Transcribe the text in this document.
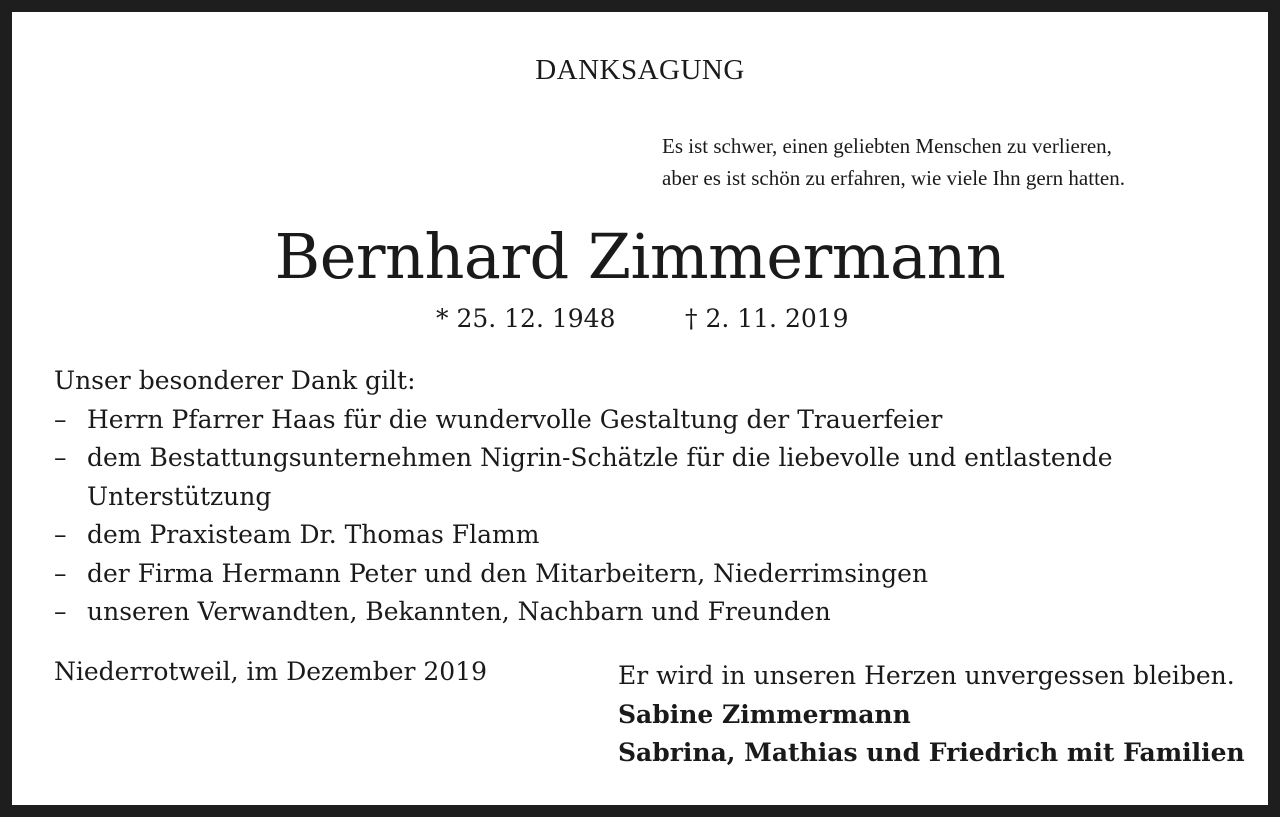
DANKSAGUNG
Es ist schwer, einen geliebten Menschen zu verlieren,
aber es ist schön zu erfahren, wie viele Ihn gern hatten.
Bernhard Zimmermann
* 25. 12. 1948	† 2. 11. 2019
Unser besonderer Dank gilt:
– Herrn Pfarrer Haas für die wundervolle Gestaltung der Trauerfeier
– dem Bestattungsunternehmen Nigrin-Schätzle für die liebevolle und entlastende
Unterstützung
– dem Praxisteam Dr. Thomas Flamm
– der Firma Hermann Peter und den Mitarbeitern, Niederrimsingen
– unseren Verwandten, Bekannten, Nachbarn und Freunden
Niederrotweil, im Dezember 2019	Er wird in unseren Herzen unvergessen bleiben.
Sabine Zimmermann
Sabrina, Mathias und Friedrich mit Familien
